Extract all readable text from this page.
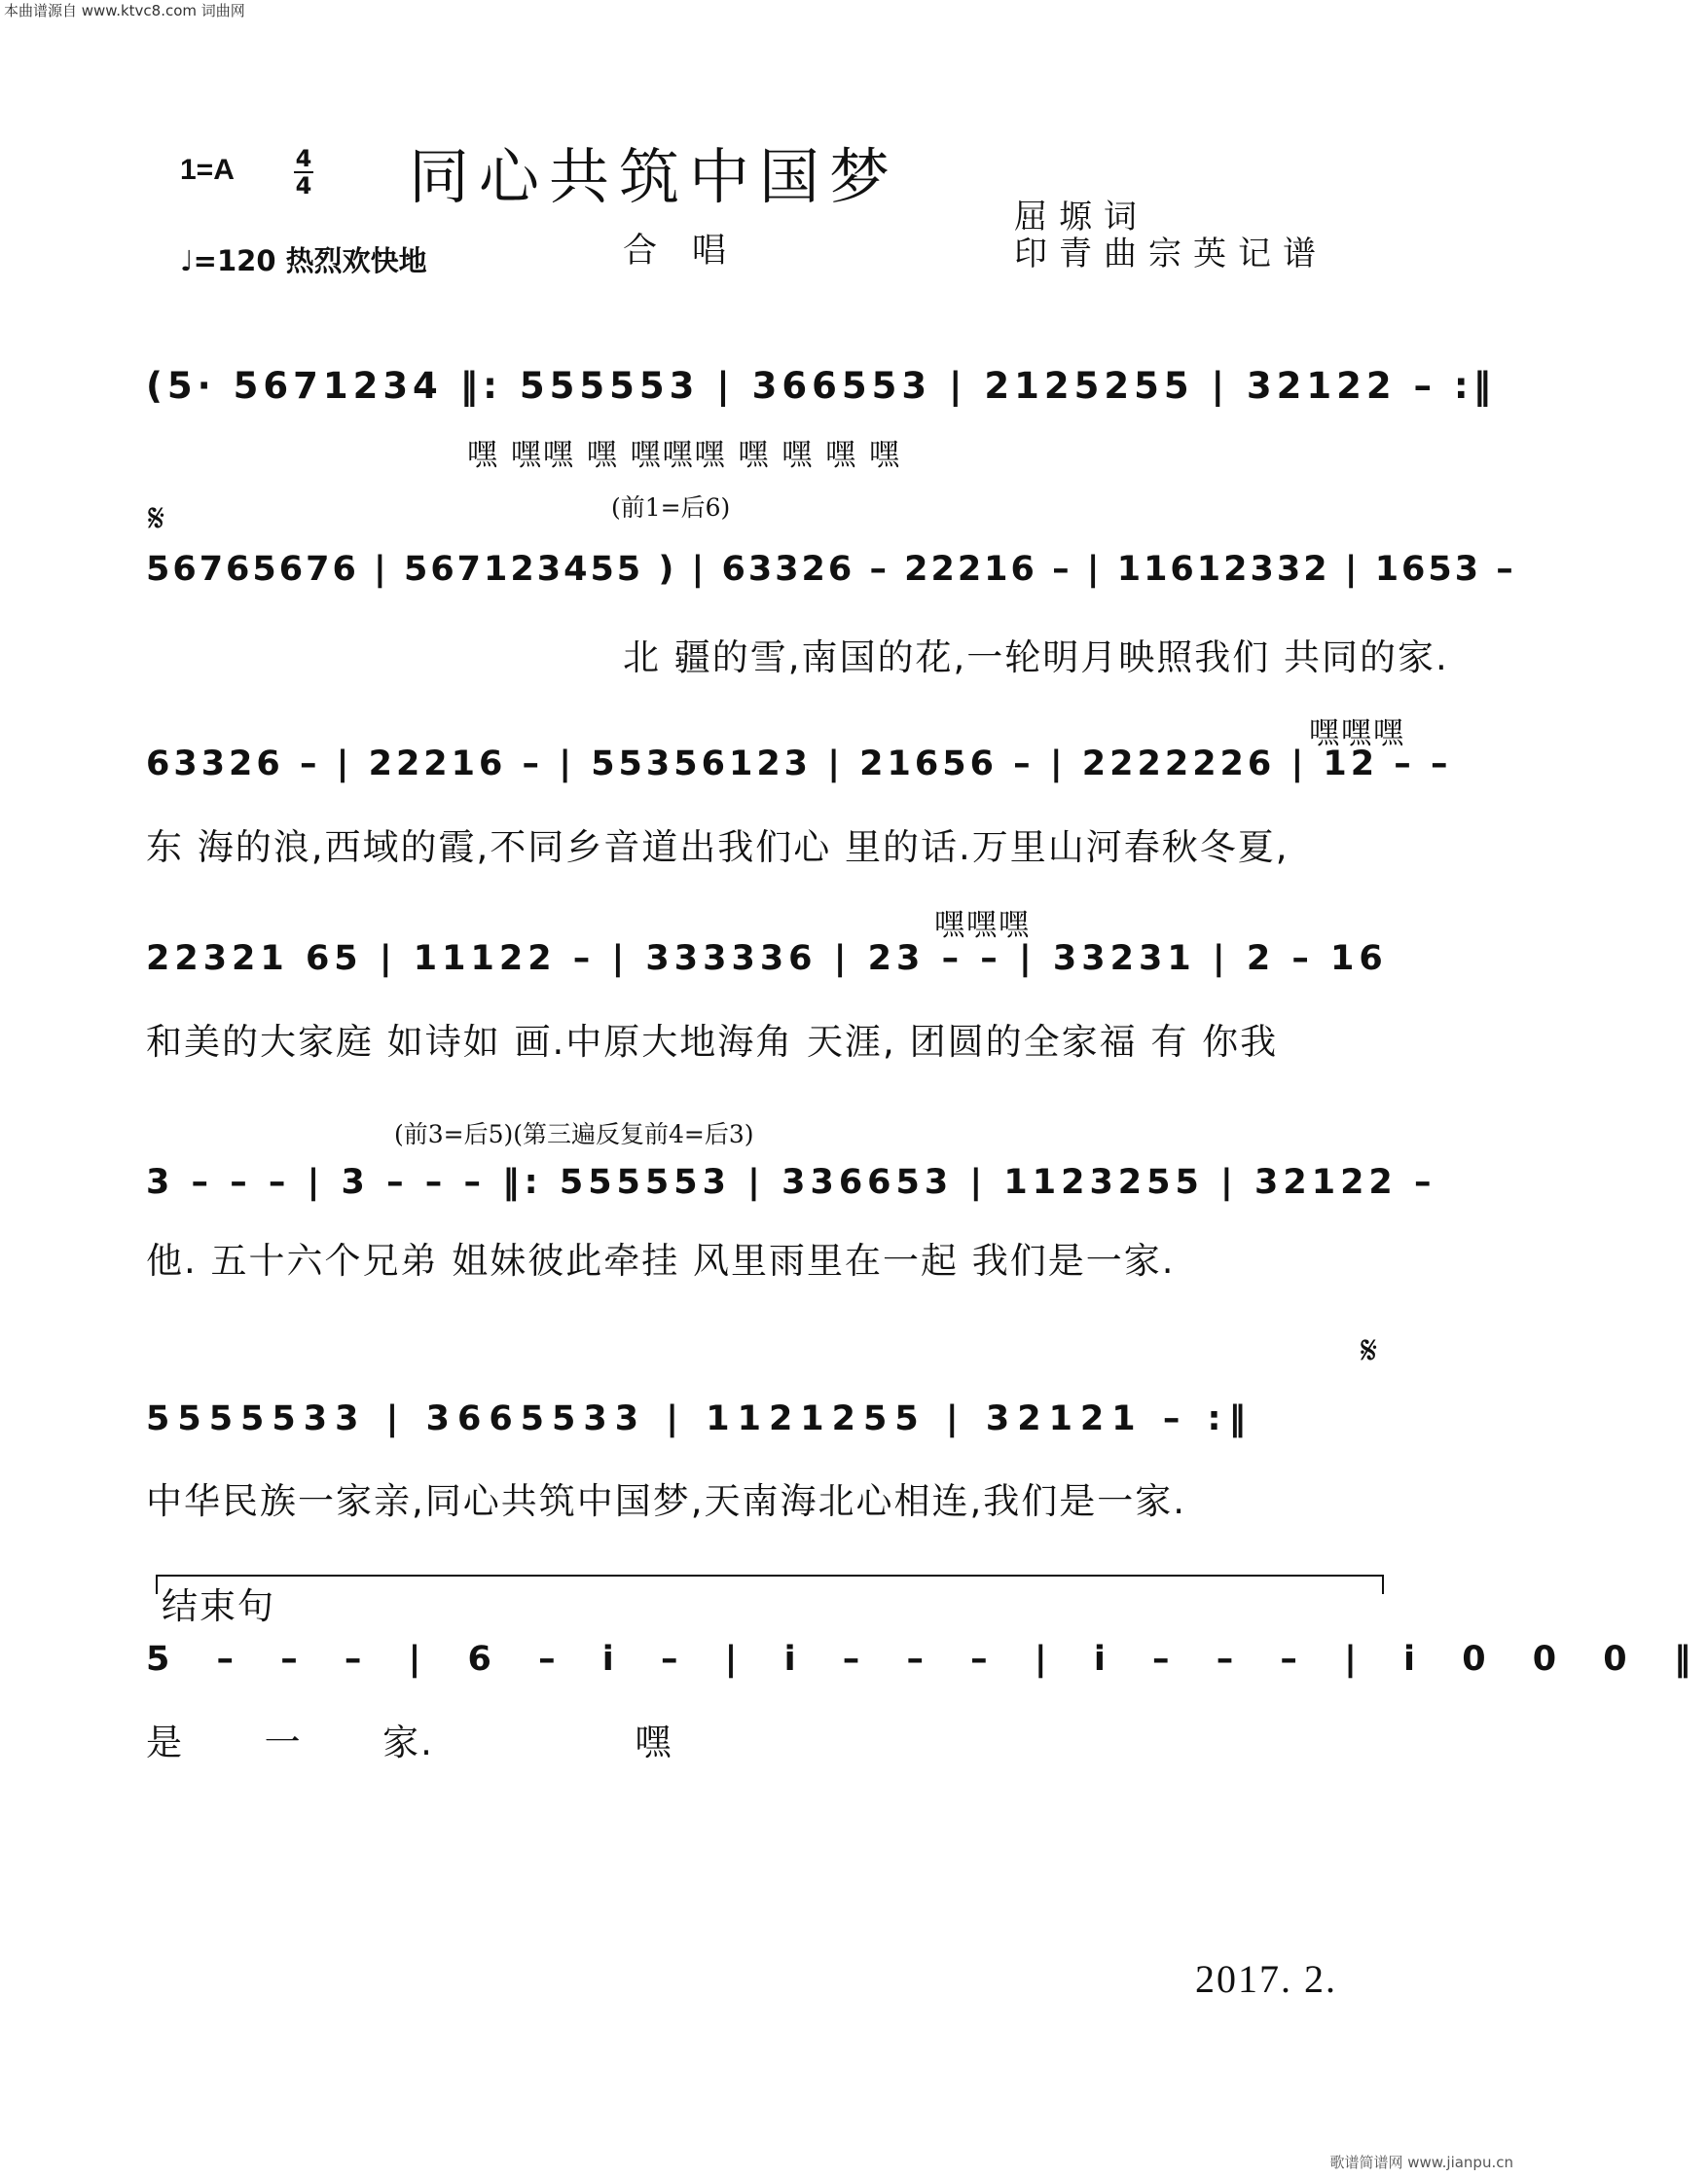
本曲谱源自 www.ktvc8.com 词曲网
1=A	4
4 同心共筑中国梦
♩=120 热烈欢快地	合唱
屈塬词
印青曲宗英记谱
(5· 5671234 ‖: 555553 | 366553 | 2125255 | 32122 – :‖
嘿 嘿嘿 嘿 嘿嘿嘿 嘿 嘿 嘿 嘿
𝄋	(前1=后6)
56765676 | 567123455 ) | 63326 – 22216 – | 11612332 | 1653 –
北 疆的雪,南国的花,一轮明月映照我们 共同的家.
嘿嘿嘿
63326 – | 22216 – | 55356123 | 21656 – | 2222226 | 12 – –
东 海的浪,西域的霞,不同乡音道出我们心 里的话.万里山河春秋冬夏,
嘿嘿嘿
22321 65 | 11122 – | 333336 | 23 – – | 33231 | 2 – 16
和美的大家庭 如诗如 画.中原大地海角 天涯, 团圆的全家福 有 你我
(前3=后5)(第三遍反复前4=后3)
3 – – – | 3 – – – ‖: 555553 | 336653 | 1123255 | 32122 –
他. 五十六个兄弟 姐妹彼此牵挂 风里雨里在一起 我们是一家.
𝄋
5555533 | 3665533 | 1121255 | 32121 – :‖
中华民族一家亲,同心共筑中国梦,天南海北心相连,我们是一家.
结束句
5 – – – | 6 – i – | i – – – | i – – – | i 0 0 0 ‖
是      一      家.               嘿
2017. 2.
歌谱简谱网 www.jianpu.cn
